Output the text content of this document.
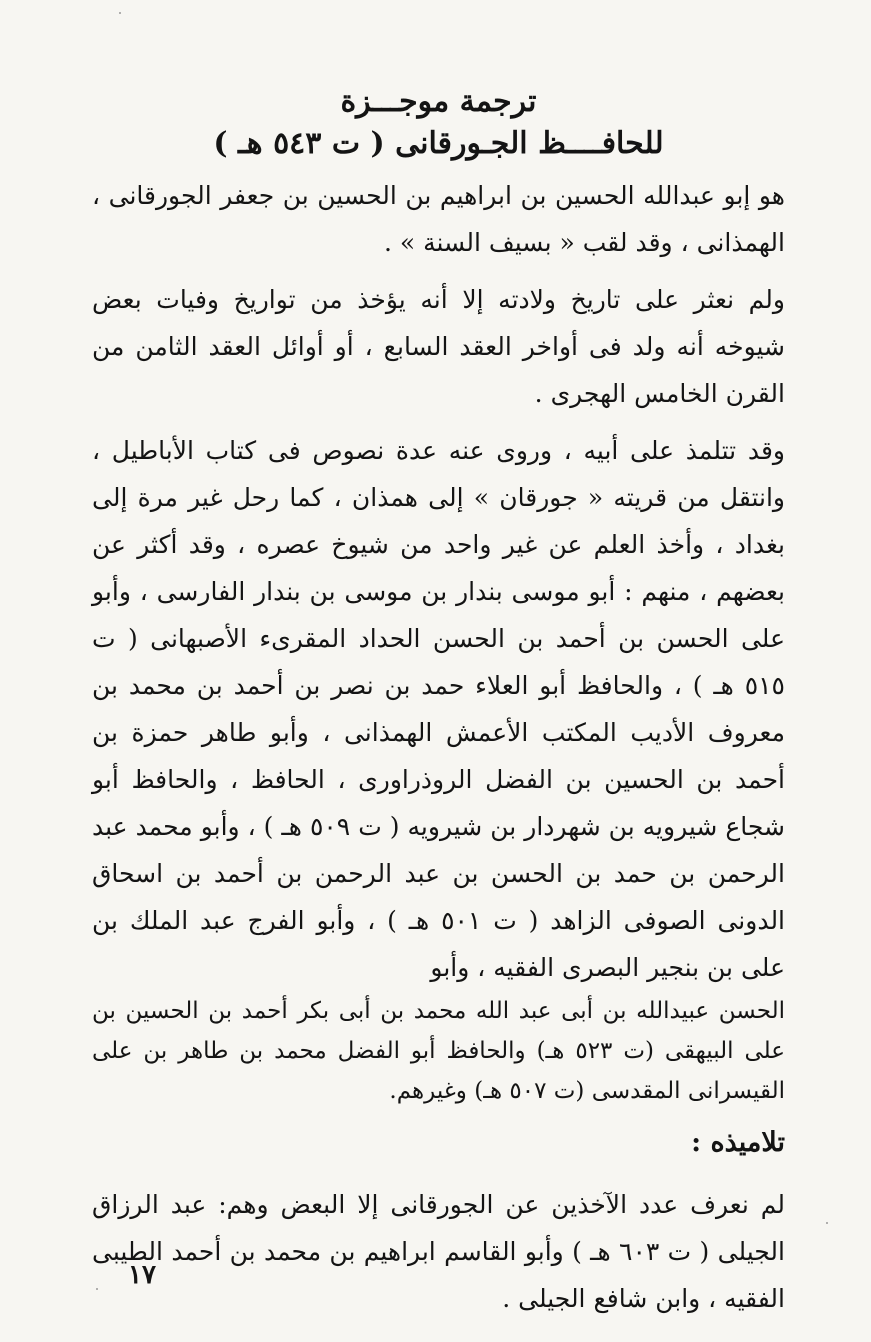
ترجمة موجـــزة
للحافــــظ الجـورقانى ( ت ٥٤٣ هـ )

هو إبو عبدالله الحسين بن ابراهيم بن الحسين بن جعفر الجورقانى ، الهمذانى ، وقد لقب « بسيف السنة » .

ولم نعثر على تاريخ ولادته إلا أنه يؤخذ من تواريخ وفيات بعض شيوخه أنه ولد فى أواخر العقد السابع ، أو أوائل العقد الثامن من القرن الخامس الهجرى .

وقد تتلمذ على أبيه ، وروى عنه عدة نصوص فى كتاب الأباطيل ، وانتقل من قريته « جورقان » إلى همذان ، كما رحل غير مرة إلى بغداد ، وأخذ العلم عن غير واحد من شيوخ عصره ، وقد أكثر عن بعضهم ، منهم : أبو موسى بندار بن موسى بن بندار الفارسى ، وأبو على الحسن بن أحمد بن الحسن الحداد المقرىء الأصبهانى ( ت ٥١٥ هـ ) ، والحافظ أبو العلاء حمد بن نصر بن أحمد بن محمد بن معروف الأديب المكتب الأعمش الهمذانى ، وأبو طاهر حمزة بن أحمد بن الحسين بن الفضل الروذراورى ، الحافظ ، والحافظ أبو شجاع شيرويه بن شهردار بن شيرويه ( ت ٥٠٩ هـ ) ، وأبو محمد عبد الرحمن بن حمد بن الحسن بن عبد الرحمن بن أحمد بن اسحاق الدونى الصوفى الزاهد ( ت ٥٠١ هـ ) ، وأبو الفرج عبد الملك بن على بن بنجير البصرى الفقيه ، وأبو

الحسن عبيدالله بن أبى عبد الله محمد بن أبى بكر أحمد بن الحسين بن على البيهقى (ت ٥٢٣ هـ) والحافظ أبو الفضل محمد بن طاهر بن على القيسرانى المقدسى (ت ٥٠٧ هـ) وغيرهم.

تلاميذه :

لم نعرف عدد الآخذين عن الجورقانى إلا البعض وهم: عبد الرزاق الجيلى ( ت ٦٠٣ هـ ) وأبو القاسم ابراهيم بن محمد بن أحمد الطيبى الفقيه ، وابن شافع الجيلى .

١٧
